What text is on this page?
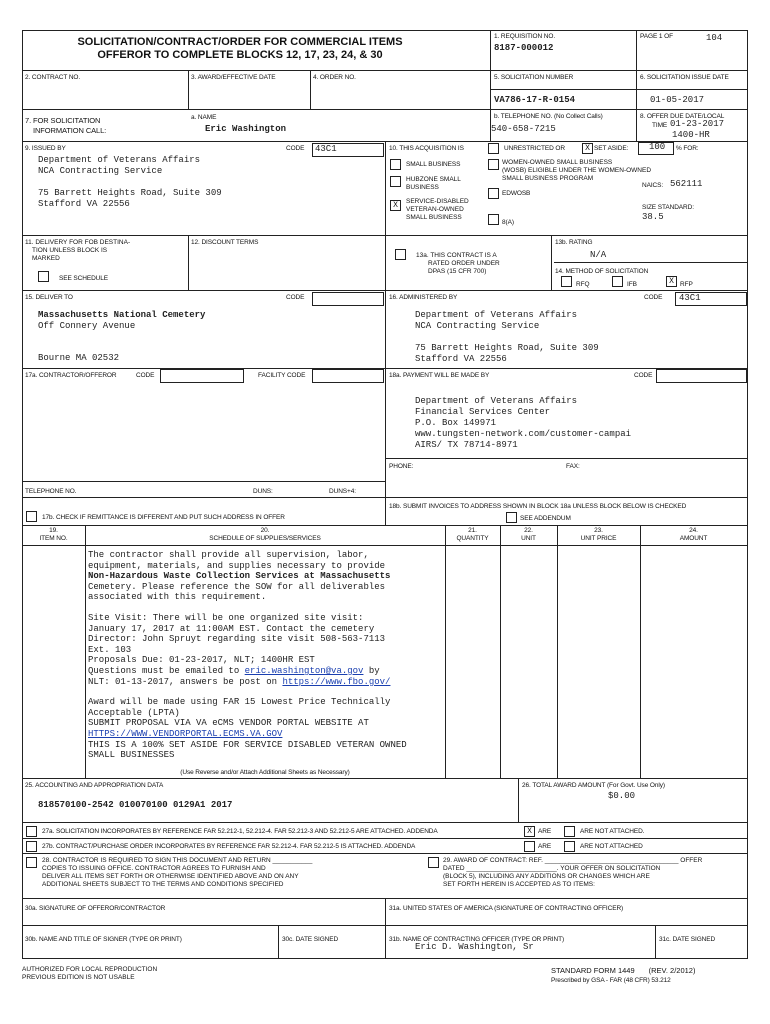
SOLICITATION/CONTRACT/ORDER FOR COMMERCIAL ITEMS
OFFEROR TO COMPLETE BLOCKS 12, 17, 23, 24, & 30
1. REQUISITION NO.
8187-000012
PAGE 1 OF	104
2. CONTRACT NO.	3. AWARD/EFFECTIVE DATE	4. ORDER NO.	5. SOLICITATION NUMBER
VA786-17-R-0154
6. SOLICITATION ISSUE DATE
01-05-2017
7. FOR SOLICITATION
INFORMATION CALL:
a. NAME
Eric Washington
b. TELEPHONE NO. (No Collect Calls)
540-658-7215
8. OFFER DUE DATE/LOCAL
TIME 01-23-2017
1400-HR
9. ISSUED BY	CODE 43C1
Department of Veterans Affairs
NCA Contracting Service
75 Barrett Heights Road, Suite 309
Stafford VA 22556
10. THIS ACQUISITION IS	UNRESTRICTED OR	X SET ASIDE: 100 % FOR:
SMALL BUSINESS
HUBZONE SMALL
BUSINESS
X	SERVICE-DISABLED
VETERAN-OWNED
SMALL BUSINESS
WOMEN-OWNED SMALL BUSINESS
(WOSB) ELIGIBLE UNDER THE WOMEN-OWNED
SMALL BUSINESS PROGRAM
EDWOSB
8(A)
NAICS: 562111
SIZE STANDARD:
38.5
11. DELIVERY FOR FOB DESTINA-
TION UNLESS BLOCK IS
MARKED
SEE SCHEDULE
12. DISCOUNT TERMS
13a. THIS CONTRACT IS A
RATED ORDER UNDER
DPAS (15 CFR 700)
13b. RATING
N/A
14. METHOD OF SOLICITATION
RFQ	IFB	X RFP
15. DELIVER TO	CODE
Massachusetts National Cemetery
Off Connery Avenue
Bourne MA 02532
16. ADMINISTERED BY	CODE 43C1
Department of Veterans Affairs
NCA Contracting Service
75 Barrett Heights Road, Suite 309
Stafford VA 22556
17a. CONTRACTOR/OFFEROR	CODE	FACILITY CODE
TELEPHONE NO.	DUNS:	DUNS+4:
17b. CHECK IF REMITTANCE IS DIFFERENT AND PUT SUCH ADDRESS IN OFFER
18a. PAYMENT WILL BE MADE BY	CODE
Department of Veterans Affairs
Financial Services Center
P.O. Box 149971
www.tungsten-network.com/customer-campai
AIRS/ TX 78714-8971
PHONE:	FAX:
18b. SUBMIT INVOICES TO ADDRESS SHOWN IN BLOCK 18a UNLESS BLOCK BELOW IS CHECKED
SEE ADDENDUM
19.
ITEM NO.
20.
SCHEDULE OF SUPPLIES/SERVICES
21.
QUANTITY
22.
UNIT
23.
UNIT PRICE
24.
AMOUNT
The contractor shall provide all supervision, labor,
equipment, materials, and supplies necessary to provide
Non-Hazardous Waste Collection Services at Massachusetts
Cemetery. Please reference the SOW for all deliverables
associated with this requirement.
Site Visit: There will be one organized site visit:
January 17, 2017 at 11:00AM EST. Contact the cemetery
Director: John Spruyt regarding site visit 508-563-7113
Ext. 103
Proposals Due: 01-23-2017, NLT; 1400HR EST
Questions must be emailed to eric.washington@va.gov by
NLT: 01-13-2017, answers be post on https://www.fbo.gov/
Award will be made using FAR 15 Lowest Price Technically
Acceptable (LPTA)
SUBMIT PROPOSAL VIA VA eCMS VENDOR PORTAL WEBSITE AT
HTTPS://WWW.VENDORPORTAL.ECMS.VA.GOV
THIS IS A 100% SET ASIDE FOR SERVICE DISABLED VETERAN OWNED
SMALL BUSINESSES
(Use Reverse and/or Attach Additional Sheets as Necessary)
25. ACCOUNTING AND APPROPRIATION DATA
818570100-2542 010070100 0129A1 2017
26. TOTAL AWARD AMOUNT (For Govt. Use Only)
$0.00
27a. SOLICITATION INCORPORATES BY REFERENCE FAR 52.212-1, 52.212-4. FAR 52.212-3 AND 52.212-5 ARE ATTACHED. ADDENDA	X ARE	ARE NOT ATTACHED.
27b. CONTRACT/PURCHASE ORDER INCORPORATES BY REFERENCE FAR 52.212-4. FAR 52.212-5 IS ATTACHED. ADDENDA	ARE	ARE NOT ATTACHED
28. CONTRACTOR IS REQUIRED TO SIGN THIS DOCUMENT AND RETURN ___________
COPIES TO ISSUING OFFICE. CONTRACTOR AGREES TO FURNISH AND
DELIVER ALL ITEMS SET FORTH OR OTHERWISE IDENTIFIED ABOVE AND ON ANY
ADDITIONAL SHEETS SUBJECT TO THE TERMS AND CONDITIONS SPECIFIED
29. AWARD OF CONTRACT: REF. _____________________________________ OFFER
DATED _________________________. YOUR OFFER ON SOLICITATION
(BLOCK 5), INCLUDING ANY ADDITIONS OR CHANGES WHICH ARE
SET FORTH HEREIN IS ACCEPTED AS TO ITEMS:
30a. SIGNATURE OF OFFEROR/CONTRACTOR	31a. UNITED STATES OF AMERICA (SIGNATURE OF CONTRACTING OFFICER)
30b. NAME AND TITLE OF SIGNER (TYPE OR PRINT)	30c. DATE SIGNED	31b. NAME OF CONTRACTING OFFICER (TYPE OR PRINT)
Eric D. Washington, Sr
31c. DATE SIGNED
AUTHORIZED FOR LOCAL REPRODUCTION
PREVIOUS EDITION IS NOT USABLE
STANDARD FORM 1449 (REV. 2/2012)
Prescribed by GSA - FAR (48 CFR) 53.212
